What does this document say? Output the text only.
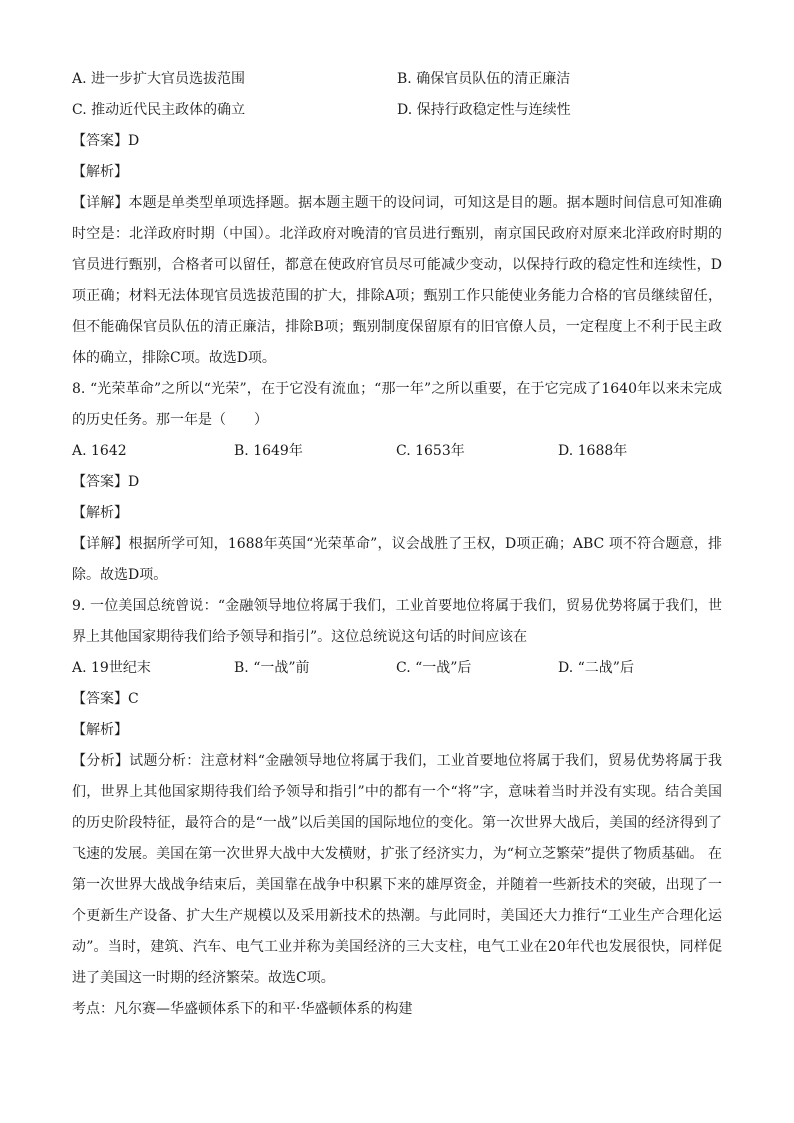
A. 进一步扩大官员选拔范围	B. 确保官员队伍的清正廉洁
C. 推动近代民主政体的确立	D. 保持行政稳定性与连续性
【答案】D
【解析】
【详解】本题是单类型单项选择题。据本题主题干的设问词，可知这是目的题。据本题时间信息可知准确时空是：北洋政府时期（中国）。北洋政府对晚清的官员进行甄别，南京国民政府对原来北洋政府时期的官员进行甄别，合格者可以留任，都意在使政府官员尽可能减少变动，以保持行政的稳定性和连续性，D项正确；材料无法体现官员选拔范围的扩大，排除A项；甄别工作只能使业务能力合格的官员继续留任，但不能确保官员队伍的清正廉洁，排除B项；甄别制度保留原有的旧官僚人员，一定程度上不利于民主政体的确立，排除C项。故选D项。
8. “光荣革命”之所以“光荣”，在于它没有流血；“那一年”之所以重要，在于它完成了1640年以来未完成的历史任务。那一年是（　　）
A. 1642	B. 1649年	C. 1653年	D. 1688年
【答案】D
【解析】
【详解】根据所学可知，1688年英国“光荣革命”，议会战胜了王权，D项正确；ABC 项不符合题意，排除。故选D项。
9. 一位美国总统曾说：“金融领导地位将属于我们，工业首要地位将属于我们，贸易优势将属于我们，世界上其他国家期待我们给予领导和指引”。这位总统说这句话的时间应该在
A. 19世纪末	B. “一战”前	C. “一战”后	D. “二战”后
【答案】C
【解析】
【分析】试题分析：注意材料“金融领导地位将属于我们，工业首要地位将属于我们，贸易优势将属于我们，世界上其他国家期待我们给予领导和指引”中的都有一个“将”字，意味着当时并没有实现。结合美国的历史阶段特征，最符合的是“一战”以后美国的国际地位的变化。第一次世界大战后，美国的经济得到了飞速的发展。美国在第一次世界大战中大发横财，扩张了经济实力，为“柯立芝繁荣”提供了物质基础。 在第一次世界大战战争结束后，美国靠在战争中积累下来的雄厚资金，并随着一些新技术的突破，出现了一个更新生产设备、扩大生产规模以及采用新技术的热潮。与此同时，美国还大力推行“工业生产合理化运动”。当时，建筑、汽车、电气工业并称为美国经济的三大支柱，电气工业在20年代也发展很快，同样促进了美国这一时期的经济繁荣。故选C项。
考点：凡尔赛—华盛顿体系下的和平·华盛顿体系的构建
